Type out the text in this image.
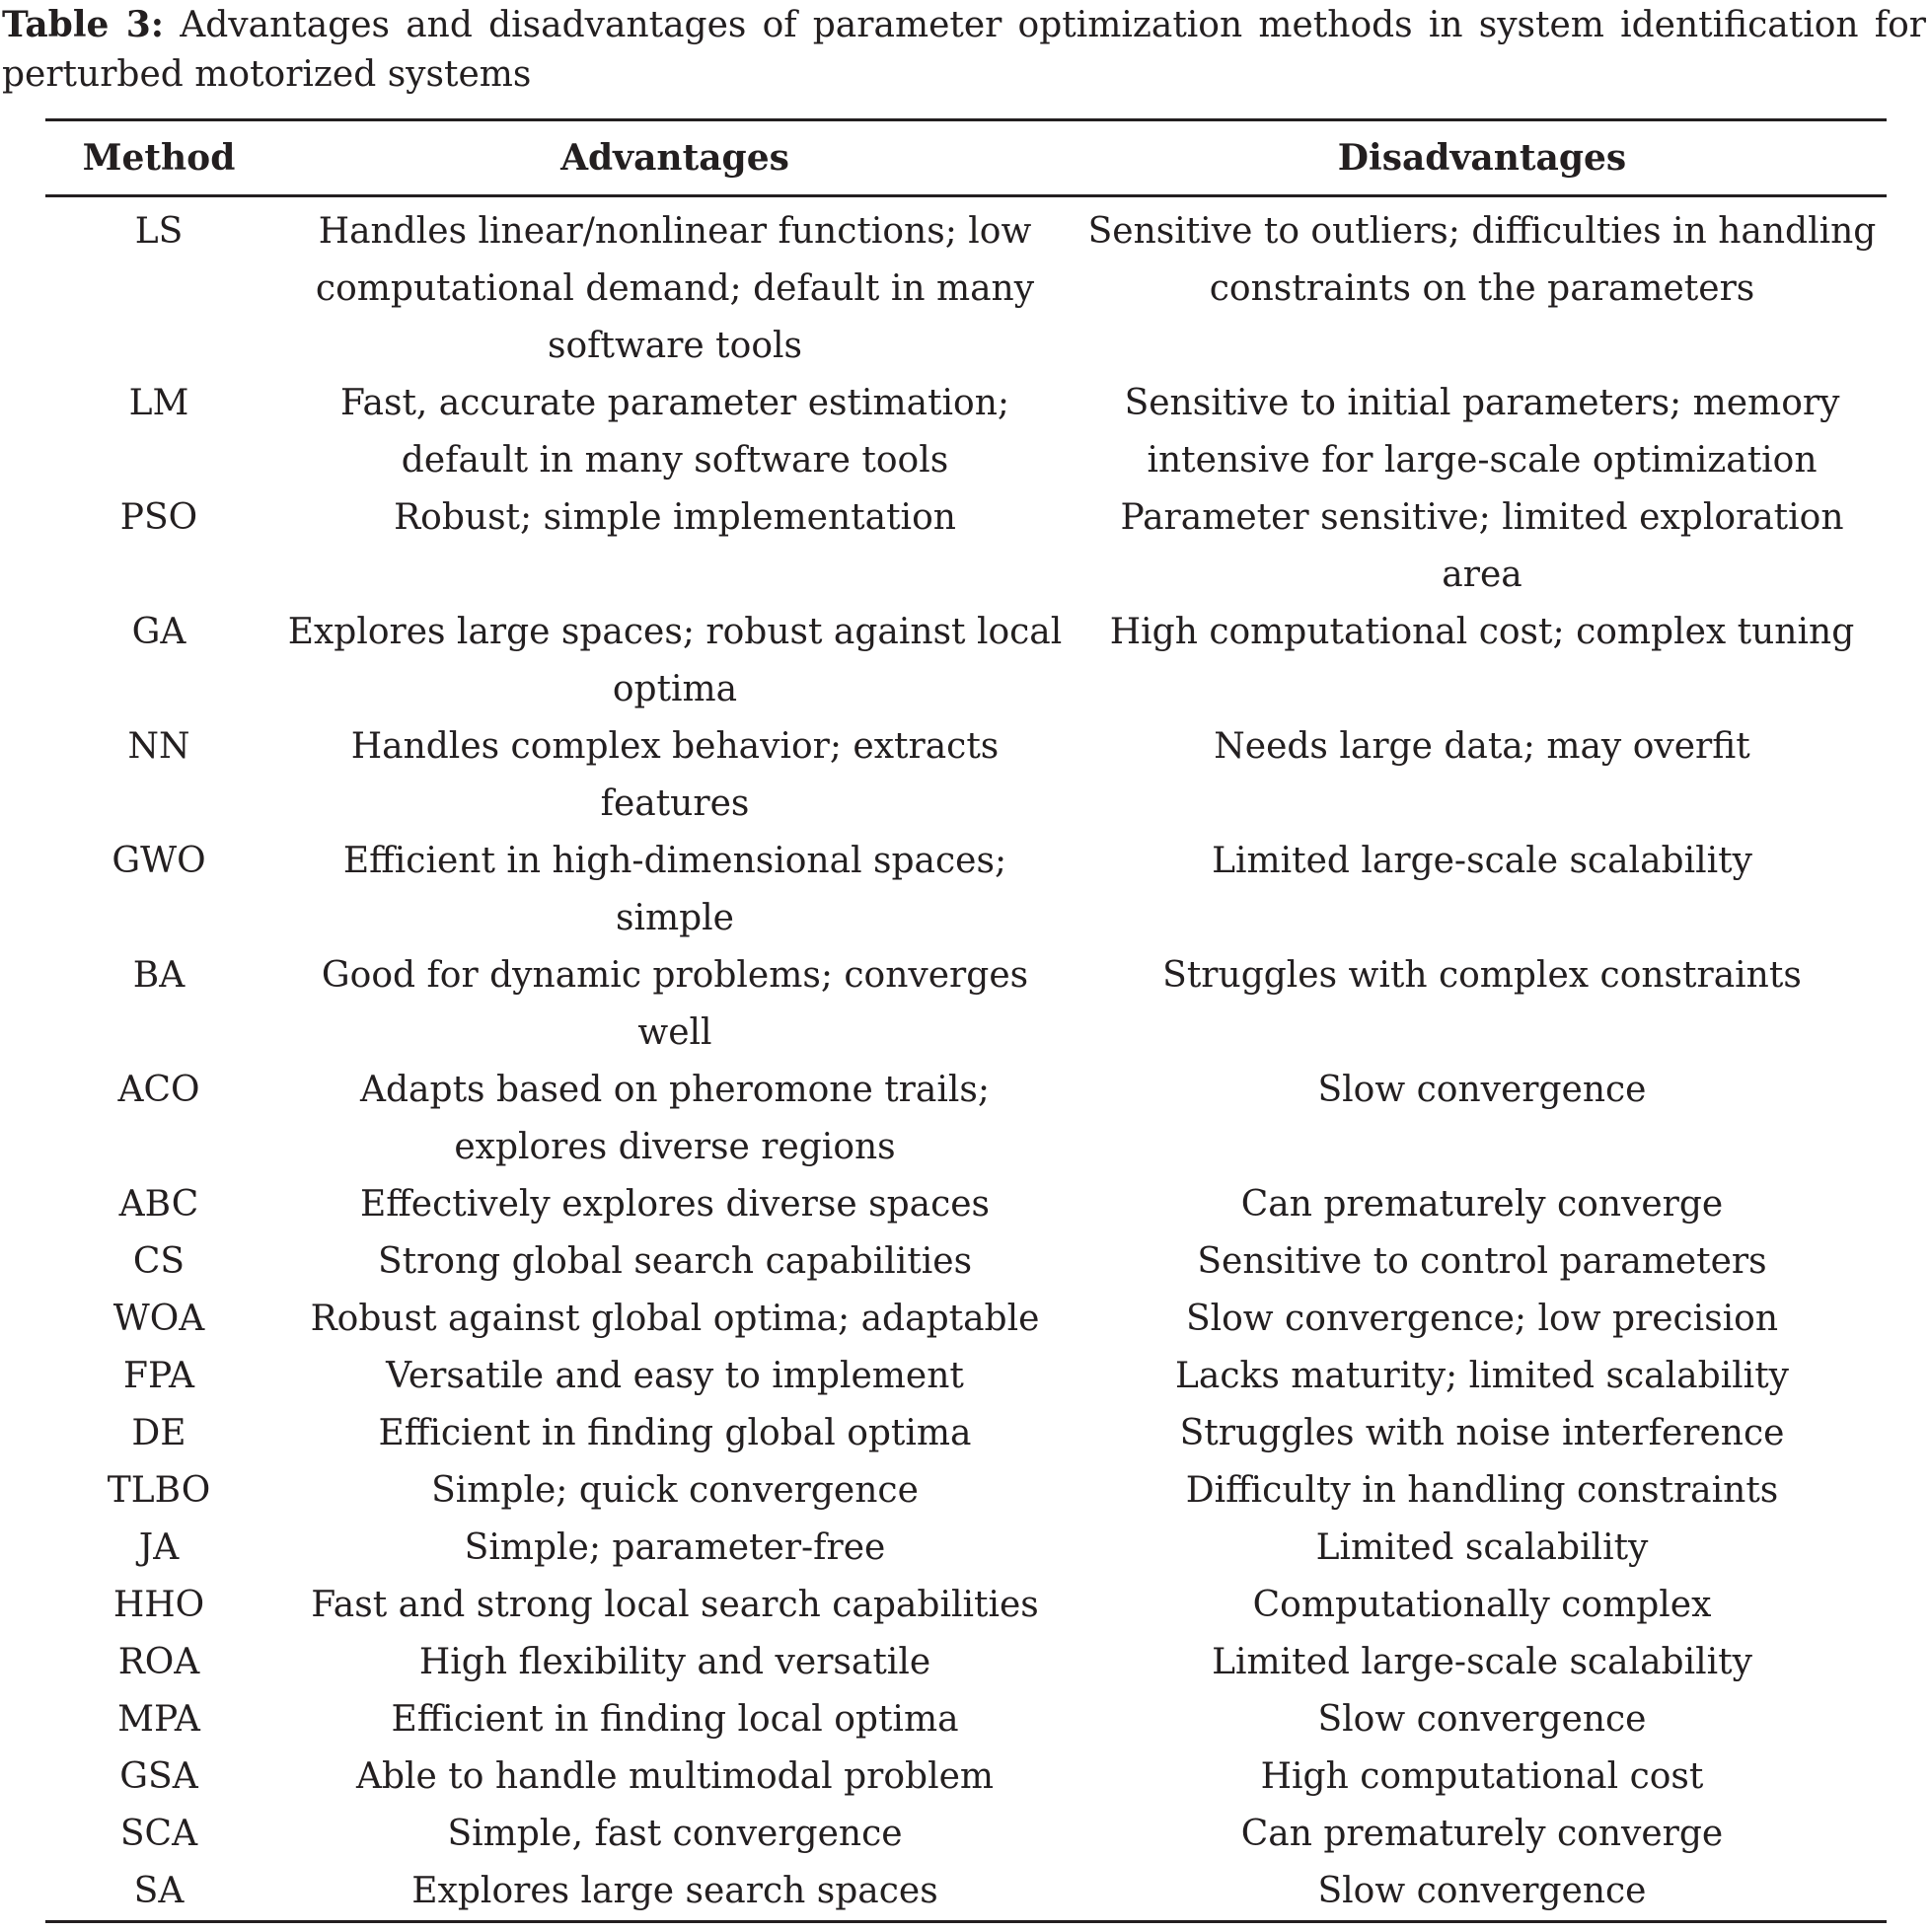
Table 3: Advantages and disadvantages of parameter optimization methods in system identification for perturbed motorized systems
Method	Advantages	Disadvantages
LS	Handles linear/nonlinear functions; low computational demand; default in many software tools	Sensitive to outliers; difficulties in handling constraints on the parameters
LM	Fast, accurate parameter estimation; default in many software tools	Sensitive to initial parameters; memory intensive for large-scale optimization
PSO	Robust; simple implementation	Parameter sensitive; limited exploration area
GA	Explores large spaces; robust against local optima	High computational cost; complex tuning
NN	Handles complex behavior; extracts features	Needs large data; may overfit
GWO	Efficient in high-dimensional spaces; simple	Limited large-scale scalability
BA	Good for dynamic problems; converges well	Struggles with complex constraints
ACO	Adapts based on pheromone trails; explores diverse regions	Slow convergence
ABC	Effectively explores diverse spaces	Can prematurely converge
CS	Strong global search capabilities	Sensitive to control parameters
WOA	Robust against global optima; adaptable	Slow convergence; low precision
FPA	Versatile and easy to implement	Lacks maturity; limited scalability
DE	Efficient in finding global optima	Struggles with noise interference
TLBO	Simple; quick convergence	Difficulty in handling constraints
JA	Simple; parameter-free	Limited scalability
HHO	Fast and strong local search capabilities	Computationally complex
ROA	High flexibility and versatile	Limited large-scale scalability
MPA	Efficient in finding local optima	Slow convergence
GSA	Able to handle multimodal problem	High computational cost
SCA	Simple, fast convergence	Can prematurely converge
SA	Explores large search spaces	Slow convergence
